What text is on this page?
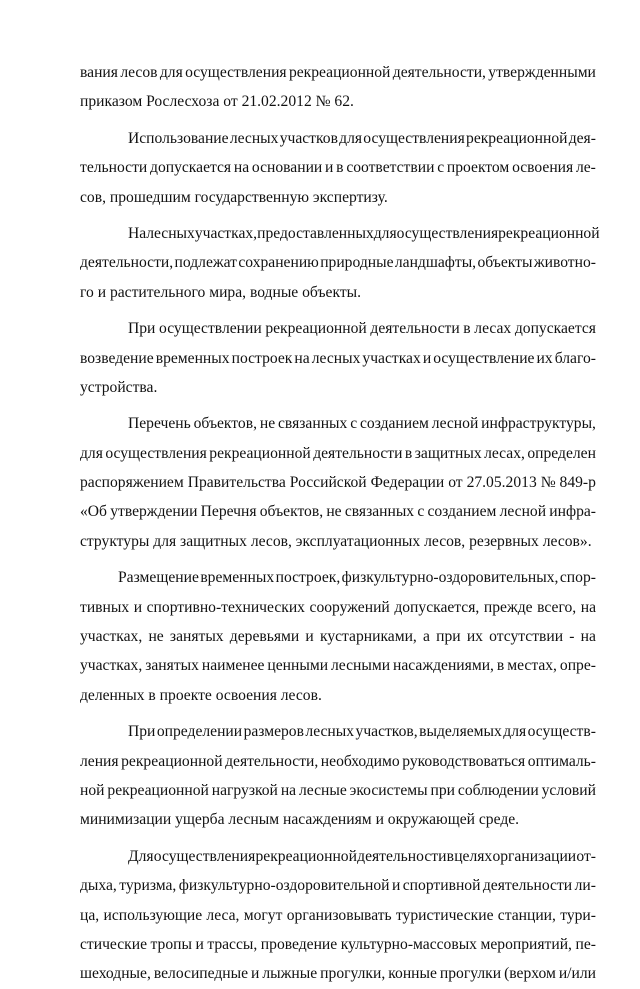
вания лесов для осуществления рекреационной деятельности, утвержденными
приказом Рослесхоза от 21.02.2012 № 62.
Использование лесных участков для осуществления рекреационной дея-
тельности допускается на основании и в соответствии с проектом освоения ле-
сов, прошедшим государственную экспертизу.
На лесных участках, предоставленных для осуществления рекреационной
деятельности, подлежат сохранению природные ландшафты, объекты животно-
го и растительного мира, водные объекты.
При осуществлении рекреационной деятельности в лесах допускается
возведение временных построек на лесных участках и осуществление их благо-
устройства.
Перечень объектов, не связанных с созданием лесной инфраструктуры,
для осуществления рекреационной деятельности в защитных лесах, определен
распоряжением Правительства Российской Федерации от 27.05.2013 № 849-р
«Об утверждении Перечня объектов, не связанных с созданием лесной инфра-
структуры для защитных лесов, эксплуатационных лесов, резервных лесов».
Размещение временных построек, физкультурно-оздоровительных, спор-
тивных и спортивно-технических сооружений допускается, прежде всего, на
участках, не занятых деревьями и кустарниками, а при их отсутствии - на
участках, занятых наименее ценными лесными насаждениями, в местах, опре-
деленных в проекте освоения лесов.
При определении размеров лесных участков, выделяемых для осуществ-
ления рекреационной деятельности, необходимо руководствоваться оптималь-
ной рекреационной нагрузкой на лесные экосистемы при соблюдении условий
минимизации ущерба лесным насаждениям и окружающей среде.
Для осуществления рекреационной деятельности в целях организации от-
дыха, туризма, физкультурно-оздоровительной и спортивной деятельности ли-
ца, использующие леса, могут организовывать туристические станции, тури-
стические тропы и трассы, проведение культурно-массовых мероприятий, пе-
шеходные, велосипедные и лыжные прогулки, конные прогулки (верхом и/или
